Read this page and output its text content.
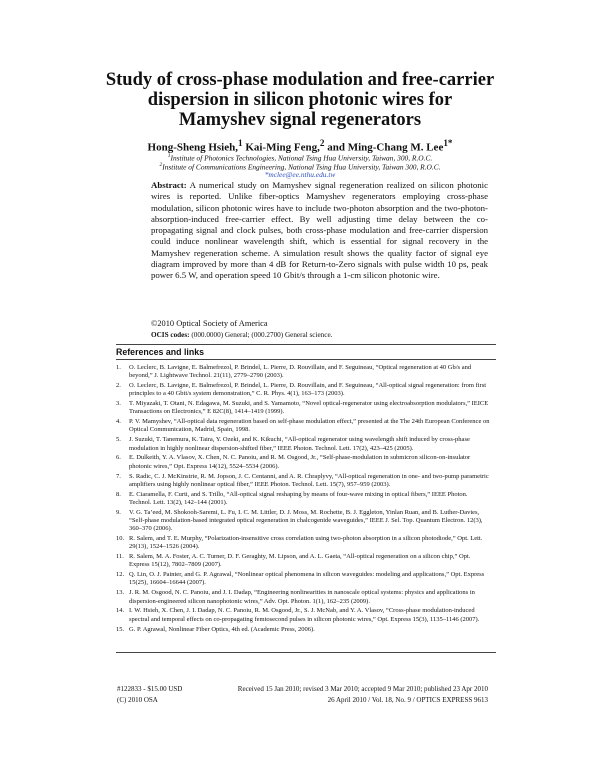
Study of cross-phase modulation and free-carrier
dispersion in silicon photonic wires for
Mamyshev signal regenerators
Hong-Sheng Hsieh,$^1$ Kai-Ming Feng,$^2$ and Ming-Chang M. Lee$^{1*}$
$^1$Institute of Photonics Technologies, National Tsing Hua University, Taiwan, 300, R.O.C.
$^2$Institute of Communications Engineering, National Tsing Hua University, Taiwan 300, R.O.C.
*mclee@ee.nthu.edu.tw
Abstract: A numerical study on Mamyshev signal regeneration realized on silicon photonic wires is reported. Unlike fiber-optics Mamyshev regenerators employing cross-phase modulation, silicon photonic wires have to include two-photon absorption and the two-photon-absorption-induced free-carrier effect. By well adjusting time delay between the co-propagating signal and clock pulses, both cross-phase modulation and free-carrier dispersion could induce nonlinear wavelength shift, which is essential for signal recovery in the Mamyshev regeneration scheme. A simulation result shows the quality factor of signal eye diagram improved by more than 4 dB for Return-to-Zero signals with pulse width 10 ps, peak power 6.5 W, and operation speed 10 Gbit/s through a 1-cm silicon photonic wire.
©2010 Optical Society of America
OCIS codes: (000.0000) General; (000.2700) General science.
References and links
1.	O. Leclerc, B. Lavigne, E. Balmefrezol, P. Brindel, L. Pierre, D. Rouvillain, and F. Seguineau, “Optical regeneration at 40 Gb/s and beyond,” J. Lightwave Technol. 21(11), 2779–2790 (2003).
2.	O. Leclerc, B. Lavigne, E. Balmefrezol, P. Brindel, L. Pierre, D. Rouvillain, and F. Seguineau, “All-optical signal regeneration: from first principles to a 40 Gbit/s system demonstration,” C. R. Phys. 4(1), 163–173 (2003).
3.	T. Miyazaki, T. Otani, N. Edagawa, M. Suzuki, and S. Yamamoto, “Novel optical-regenerator using electroabsorption modulators,” IEICE Transactions on Electronics,” E 82C(8), 1414–1419 (1999).
4.	P. V. Mamyshev, “All-optical data regeneration based on self-phase modulation effect,” presented at the The 24th European Conference on Optical Communication, Madrid, Spain, 1998.
5.	J. Suzuki, T. Tanemura, K. Taira, Y. Ozeki, and K. Kikuchi, “All-optical regenerator using wavelength shift induced by cross-phase modulation in highly nonlinear dispersion-shifted fiber,” IEEE Photon. Technol. Lett. 17(2), 423–425 (2005).
6.	E. Dulkeith, Y. A. Vlasov, X. Chen, N. C. Panoiu, and R. M. Osgood, Jr., “Self-phase-modulation in submicron silicon-on-insulator photonic wires,” Opt. Express 14(12), 5524–5534 (2006).
7.	S. Radic, C. J. McKinstrie, R. M. Jopson, J. C. Centanni, and A. R. Chraplyvy, “All-optical regeneration in one- and two-pump parametric amplifiers using highly nonlinear optical fiber,” IEEE Photon. Technol. Lett. 15(7), 957–959 (2003).
8.	E. Ciaramella, F. Curti, and S. Trillo, “All-optical signal reshaping by means of four-wave mixing in optical fibers,” IEEE Photon. Technol. Lett. 13(2), 142–144 (2001).
9.	V. G. Ta’eed, M. Shokooh-Saremi, L. Fu, I. C. M. Littler, D. J. Moss, M. Rochette, B. J. Eggleton, Yinlan Ruan, and B. Luther-Davies, “Self-phase modulation-based integrated optical regeneration in chalcogenide waveguides,” IEEE J. Sel. Top. Quantum Electron. 12(3), 360–370 (2006).
10. R. Salem, and T. E. Murphy, “Polarization-insensitive cross correlation using two-photon absorption in a silicon photodiode,” Opt. Lett. 29(13), 1524–1526 (2004).
11. R. Salem, M. A. Foster, A. C. Turner, D. F. Geraghty, M. Lipson, and A. L. Gaeta, “All-optical regeneration on a silicon chip,” Opt. Express 15(12), 7802–7809 (2007).
12. Q. Lin, O. J. Painter, and G. P. Agrawal, “Nonlinear optical phenomena in silicon waveguides: modeling and applications,” Opt. Express 15(25), 16604–16644 (2007).
13. J. R. M. Osgood, N. C. Panoiu, and J. I. Dadap, “Engineering nonlinearities in nanoscale optical systems: physics and applications in dispersion-engineered silicon nanophotonic wires,” Adv. Opt. Photon. 1(1), 162–235 (2009).
14. I. W. Hsieh, X. Chen, J. I. Dadap, N. C. Panoiu, R. M. Osgood, Jr., S. J. McNab, and Y. A. Vlasov, “Cross-phase modulation-induced spectral and temporal effects on co-propagating femtosecond pulses in silicon photonic wires,” Opt. Express 15(3), 1135–1146 (2007).
15. G. P. Agrawal, Nonlinear Fiber Optics, 4th ed. (Academic Press, 2006).
#122833 - $15.00 USD	Received 15 Jan 2010; revised 3 Mar 2010; accepted 9 Mar 2010; published 23 Apr 2010
(C) 2010 OSA	26 April 2010 / Vol. 18, No. 9 / OPTICS EXPRESS 9613
